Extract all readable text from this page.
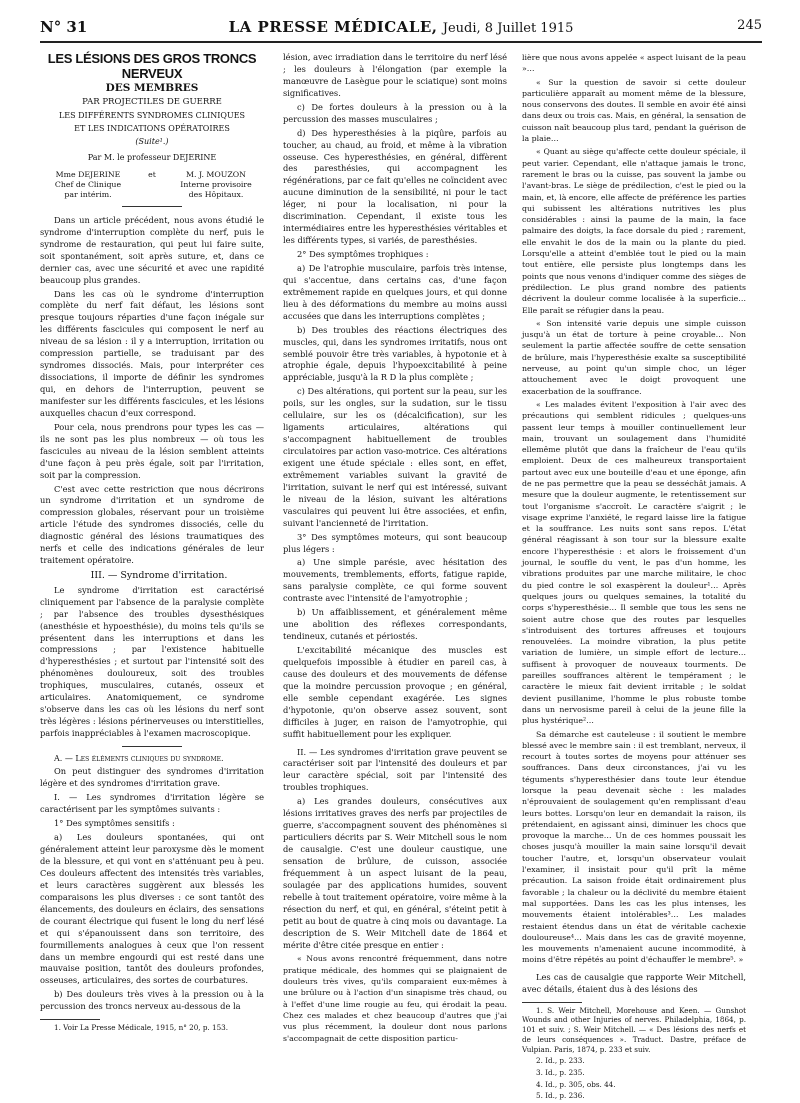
N° 31	LA PRESSE MÉDICALE, Jeudi, 8 Juillet 1915	245
LES LÉSIONS DES GROS TRONCS NERVEUX
DES MEMBRES
PAR PROJECTILES DE GUERRE
LES DIFFÉRENTS SYNDROMES CLINIQUES
ET LES INDICATIONS OPÉRATOIRES
(Suite¹.)
Par M. le professeur DEJERINE
Mme DEJERINE
Chef de Clinique
par intérim.
et	M. J. MOUZON
Interne provisoire
des Hôpitaux.

Dans un article précédent, nous avons étudié le syndrome d'interruption complète du nerf, puis le syndrome de restauration, qui peut lui faire suite, soit spontanément, soit après suture, et, dans ce dernier cas, avec une sécurité et avec une rapidité beaucoup plus grandes.

Dans les cas où le syndrome d'interruption complète du nerf fait défaut, les lésions sont presque toujours réparties d'une façon inégale sur les différents fascicules qui composent le nerf au niveau de sa lésion : il y a interruption, irritation ou compression partielle, se traduisant par des syndromes dissociés. Mais, pour interpréter ces dissociations, il importe de définir les syndromes qui, en dehors de l'interruption, peuvent se manifester sur les différents fascicules, et les lésions auxquelles chacun d'eux correspond.

Pour cela, nous prendrons pour types les cas — ils ne sont pas les plus nombreux — où tous les fascicules au niveau de la lésion semblent atteints d'une façon à peu près égale, soit par l'irritation, soit par la compression.

C'est avec cette restriction que nous décrirons un syndrome d'irritation et un syndrome de compression globales, réservant pour un troisième article l'étude des syndromes dissociés, celle du diagnostic général des lésions traumatiques des nerfs et celle des indications générales de leur traitement opératoire.

III. — Syndrome d'irritation.

Le syndrome d'irritation est caractérisé cliniquement par l'absence de la paralysie complète ; par l'absence des troubles dysesthésiques (anesthésie et hypoesthésie), du moins tels qu'ils se présentent dans les interruptions et dans les compressions ; par l'existence habituelle d'hyperesthésies ; et surtout par l'intensité soit des phénomènes douloureux, soit des troubles trophiques, musculaires, cutanés, osseux et articulaires. Anatomiquement, ce syndrome s'observe dans les cas où les lésions du nerf sont très légères : lésions périnerveuses ou interstitielles, parfois inappréciables à l'examen macroscopique.

A. — Les éléments cliniques du syndrome.

On peut distinguer des syndromes d'irritation légère et des syndromes d'irritation grave.

I. — Les syndromes d'irritation légère se caractérisent par les symptômes suivants :

1° Des symptômes sensitifs :

a) Les douleurs spontanées, qui ont généralement atteint leur paroxysme dès le moment de la blessure, et qui vont en s'atténuant peu à peu. Ces douleurs affectent des intensités très variables, et leurs caractères suggèrent aux blessés les comparaisons les plus diverses : ce sont tantôt des élancements, des douleurs en éclairs, des sensations de courant électrique qui fusent le long du nerf lésé et qui s'épanouissent dans son territoire, des fourmillements analogues à ceux que l'on ressent dans un membre engourdi qui est resté dans une mauvaise position, tantôt des douleurs profondes, osseuses, articulaires, des sortes de courbatures.

b) Des douleurs très vives à la pression ou à la percussion des troncs nerveux au-dessous de la

1. Voir La Presse Médicale, 1915, n° 20, p. 153.

lésion, avec irradiation dans le territoire du nerf lésé ; les douleurs à l'élongation (par exemple la manœuvre de Lasègue pour le sciatique) sont moins significatives.

c) De fortes douleurs à la pression ou à la percussion des masses musculaires ;

d) Des hyperesthésies à la piqûre, parfois au toucher, au chaud, au froid, et même à la vibration osseuse. Ces hyperesthésies, en général, diffèrent des paresthésies, qui accompagnent les régénérations, par ce fait qu'elles ne coïncident avec aucune diminution de la sensibilité, ni pour le tact léger, ni pour la localisation, ni pour la discrimination. Cependant, il existe tous les intermédiaires entre les hyperesthésies véritables et les différents types, si variés, de paresthésies.

2° Des symptômes trophiques :

a) De l'atrophie musculaire, parfois très intense, qui s'accentue, dans certains cas, d'une façon extrêmement rapide en quelques jours, et qui donne lieu à des déformations du membre au moins aussi accusées que dans les interruptions complètes ;

b) Des troubles des réactions électriques des muscles, qui, dans les syndromes irritatifs, nous ont semblé pouvoir être très variables, à hypotonie et à atrophie égale, depuis l'hypoexcitabilité à peine appréciable, jusqu'à la R D la plus complète ;

c) Des altérations, qui portent sur la peau, sur les poils, sur les ongles, sur la sudation, sur le tissu cellulaire, sur les os (décalcification), sur les ligaments articulaires, altérations qui s'accompagnent habituellement de troubles circulatoires par action vaso-motrice. Ces altérations exigent une étude spéciale : elles sont, en effet, extrêmement variables suivant la gravité de l'irritation, suivant le nerf qui est intéressé, suivant le niveau de la lésion, suivant les altérations vasculaires qui peuvent lui être associées, et enfin, suivant l'ancienneté de l'irritation.

3° Des symptômes moteurs, qui sont beaucoup plus légers :

a) Une simple parésie, avec hésitation des mouvements, tremblements, efforts, fatigue rapide, sans paralysie complète, ce qui forme souvent contraste avec l'intensité de l'amyotrophie ;

b) Un affaiblissement, et généralement même une abolition des réflexes correspondants, tendineux, cutanés et périostés.

L'excitabilité mécanique des muscles est quelquefois impossible à étudier en pareil cas, à cause des douleurs et des mouvements de défense que la moindre percussion provoque ; en général, elle semble cependant exagérée. Les signes d'hypotonie, qu'on observe assez souvent, sont difficiles à juger, en raison de l'amyotrophie, qui suffit habituellement pour les expliquer.

II. — Les syndromes d'irritation grave peuvent se caractériser soit par l'intensité des douleurs et par leur caractère spécial, soit par l'intensité des troubles trophiques.

a) Les grandes douleurs, consécutives aux lésions irritatives graves des nerfs par projectiles de guerre, s'accompagnent souvent des phénomènes si particuliers décrits par S. Weir Mitchell sous le nom de causalgie. C'est une douleur caustique, une sensation de brûlure, de cuisson, associée fréquemment à un aspect luisant de la peau, soulagée par des applications humides, souvent rebelle à tout traitement opératoire, voire même à la résection du nerf, et qui, en général, s'éteint petit à petit au bout de quatre à cinq mois ou davantage. La description de S. Weir Mitchell date de 1864 et mérite d'être citée presque en entier :

« Nous avons rencontré fréquemment, dans notre pratique médicale, des hommes qui se plaignaient de douleurs très vives, qu'ils comparaient eux-mêmes à une brûlure ou à l'action d'un sinapisme très chaud, ou à l'effet d'une lime rougie au feu, qui érodait la peau. Chez ces malades et chez beaucoup d'autres que j'ai vus plus récemment, la douleur dont nous parlons s'accompagnait de cette disposition particu-

lière que nous avons appelée « aspect luisant de la peau »…

« Sur la question de savoir si cette douleur particulière apparaît au moment même de la blessure, nous conservons des doutes. Il semble en avoir été ainsi dans deux ou trois cas. Mais, en général, la sensation de cuisson naît beaucoup plus tard, pendant la guérison de la plaie…

« Quant au siège qu'affecte cette douleur spéciale, il peut varier. Cependant, elle n'attaque jamais le tronc, rarement le bras ou la cuisse, pas souvent la jambe ou l'avant-bras. Le siège de prédilection, c'est le pied ou la main, et, là encore, elle affecte de préférence les parties qui subissent les altérations nutritives les plus considérables : ainsi la paume de la main, la face palmaire des doigts, la face dorsale du pied ; rarement, elle envahit le dos de la main ou la plante du pied. Lorsqu'elle a atteint d'emblée tout le pied ou la main tout entière, elle persiste plus longtemps dans les points que nous venons d'indiquer comme des sièges de prédilection. Le plus grand nombre des patients décrivent la douleur comme localisée à la superficie… Elle paraît se réfugier dans la peau.

« Son intensité varie depuis une simple cuisson jusqu'à un état de torture à peine croyable… Non seulement la partie affectée souffre de cette sensation de brûlure, mais l'hyperesthésie exalte sa susceptibilité nerveuse, au point qu'un simple choc, un léger attouchement avec le doigt provoquent une exacerbation de la souffrance.

« Les malades évitent l'exposition à l'air avec des précautions qui semblent ridicules ; quelques-uns passent leur temps à mouiller continuellement leur main, trouvant un soulagement dans l'humidité ellemême plutôt que dans la fraîcheur de l'eau qu'ils emploient. Deux de ces malheureux transportaient partout avec eux une bouteille d'eau et une éponge, afin de ne pas permettre que la peau se desséchât jamais. A mesure que la douleur augmente, le retentissement sur tout l'organisme s'accroît. Le caractère s'aigrit ; le visage exprime l'anxiété, le regard laisse lire la fatigue et la souffrance. Les nuits sont sans repos. L'état général réagissant à son tour sur la blessure exalte encore l'hyperesthésie : et alors le froissement d'un journal, le souffle du vent, le pas d'un homme, les vibrations produites par une marche militaire, le choc du pied contre le sol exaspèrent la douleur¹… Après quelques jours ou quelques semaines, la totalité du corps s'hyperesthésie… Il semble que tous les sens ne soient autre chose que des routes par lesquelles s'introduisent des tortures affreuses et toujours renouvelées. La moindre vibration, la plus petite variation de lumière, un simple effort de lecture… suffisent à provoquer de nouveaux tourments. De pareilles souffrances altèrent le tempérament ; le caractère le mieux fait devient irritable ; le soldat devient pusillanime, l'homme le plus robuste tombe dans un nervosisme pareil à celui de la jeune fille la plus hystérique²…

Sa démarche est cauteleuse : il soutient le membre blessé avec le membre sain : il est tremblant, nerveux, il recourt à toutes sortes de moyens pour atténuer ses souffrances. Dans deux circonstances, j'ai vu les téguments s'hyperesthésier dans toute leur étendue lorsque la peau devenait sèche : les malades n'éprouvaient de soulagement qu'en remplissant d'eau leurs bottes. Lorsqu'on leur en demandait la raison, ils prétendaient, en agissant ainsi, diminuer les chocs que provoque la marche… Un de ces hommes poussait les choses jusqu'à mouiller la main saine lorsqu'il devait toucher l'autre, et, lorsqu'un observateur voulait l'examiner, il insistait pour qu'il prît la même précaution. La saison froide était ordinairement plus favorable ; la chaleur ou la déclivité du membre étaient mal supportées. Dans les cas les plus intenses, les mouvements étaient intolérables³… Les malades restaient étendus dans un état de véritable cachexie douloureuse⁴… Mais dans les cas de gravité moyenne, les mouvements n'amenaient aucune incommodité, à moins d'être répétés au point d'échauffer le membre⁵. »

Les cas de causalgie que rapporte Weir Mitchell, avec détails, étaient dus à des lésions des

1. S. Weir Mitchell, Morehouse and Keen. — Gunshot Wounds and other Injuries of nerves. Philadelphia, 1864, p. 101 et suiv. ; S. Weir Mitchell. — « Des lésions des nerfs et de leurs conséquences ». Traduct. Dastre, préface de Vulpian. Paris, 1874, p. 233 et suiv.

2. Id., p. 233.

3. Id., p. 235.

4. Id., p. 305, obs. 44.

5. Id., p. 236.
